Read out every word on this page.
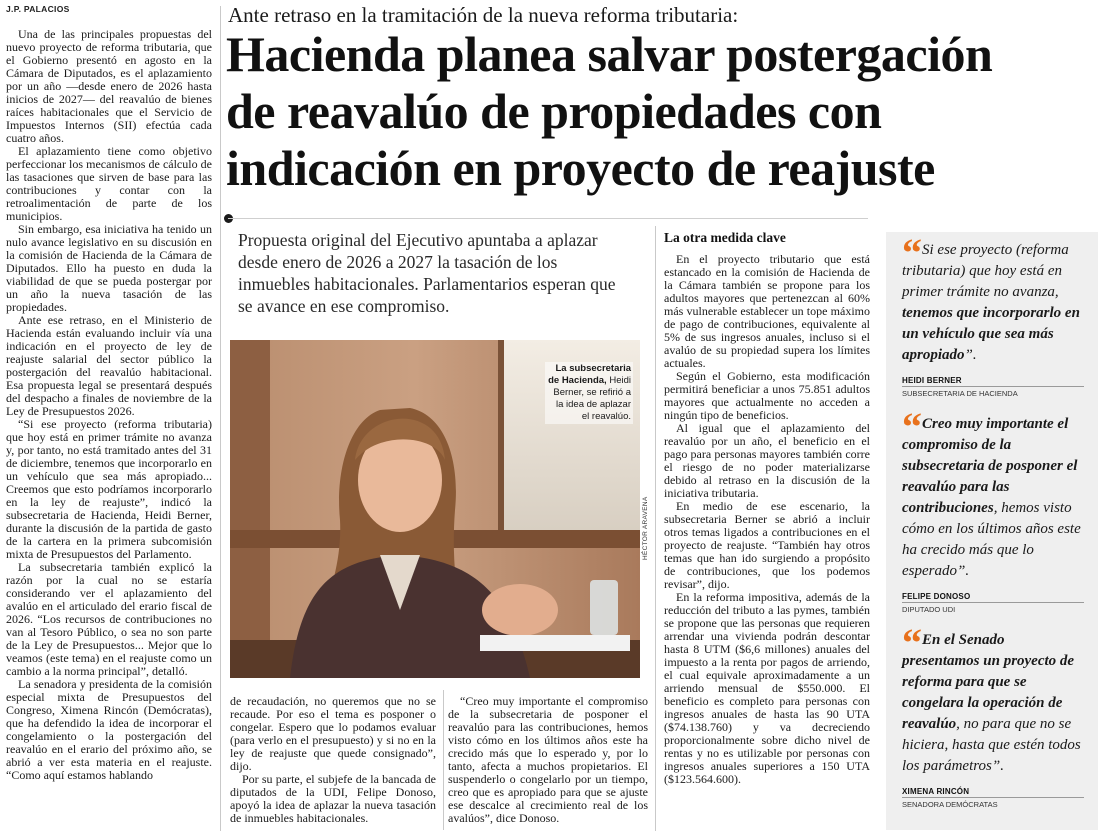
J.P. PALACIOS	Ante retraso en la tramitación de la nueva reforma tributaria:
Hacienda planea salvar postergación
de reavalúo de propiedades con
indicación en proyecto de reajuste
Propuesta original del Ejecutivo apuntaba a aplazar desde enero de 2026 a 2027 la tasación de los inmuebles habitacionales. Parlamentarios esperan que se avance en ese compromiso.

Una de las principales propuestas del nuevo proyecto de reforma tributaria, que el Gobierno presentó en agosto en la Cámara de Diputados, es el aplazamiento por un año —desde enero de 2026 hasta inicios de 2027— del reavalúo de bienes raíces habitacionales que el Servicio de Impuestos Internos (SII) efectúa cada cuatro años.

El aplazamiento tiene como objetivo perfeccionar los mecanismos de cálculo de las tasaciones que sirven de base para las contribuciones y contar con la retroalimentación de parte de los municipios.

Sin embargo, esa iniciativa ha tenido un nulo avance legislativo en su discusión en la comisión de Hacienda de la Cámara de Diputados. Ello ha puesto en duda la viabilidad de que se pueda postergar por un año la nueva tasación de las propiedades.

Ante ese retraso, en el Ministerio de Hacienda están evaluando incluir vía una indicación en el proyecto de ley de reajuste salarial del sector público la postergación del reavalúo habitacional. Esa propuesta legal se presentará después del despacho a finales de noviembre de la Ley de Presupuestos 2026.

“Si ese proyecto (reforma tributaria) que hoy está en primer trámite no avanza y, por tanto, no está tramitado antes del 31 de diciembre, tenemos que incorporarlo en un vehículo que sea más apropiado... Creemos que esto podríamos incorporarlo en la ley de reajuste”, indicó la subsecretaria de Hacienda, Heidi Berner, durante la discusión de la partida de gasto de la cartera en la primera subcomisión mixta de Presupuestos del Parlamento.

La subsecretaria también explicó la razón por la cual no se estaría considerando ver el aplazamiento del avalúo en el articulado del erario fiscal de 2026. “Los recursos de contribuciones no van al Tesoro Público, o sea no son parte de la Ley de Presupuestos... Mejor que lo veamos (este tema) en el reajuste como un cambio a la norma principal”, detalló.

La senadora y presidenta de la comisión especial mixta de Presupuestos del Congreso, Ximena Rincón (Demócratas), que ha defendido la idea de incorporar el congelamiento o la postergación del reavalúo en el erario del próximo año, se abrió a ver esta materia en el reajuste. “Como aquí estamos hablando

La subsecretaria de Hacienda, Heidi Berner, se refirió a la idea de aplazar el reavalúo.
HÉCTOR ARAVENA

de recaudación, no queremos que no se recaude. Por eso el tema es posponer o congelar. Espero que lo podamos evaluar (para verlo en el presupuesto) y si no en la ley de reajuste que quede consignado”, dijo.

Por su parte, el subjefe de la bancada de diputados de la UDI, Felipe Donoso, apoyó la idea de aplazar la nueva tasación de inmuebles habitacionales.

“Creo muy importante el compromiso de la subsecretaria de posponer el reavalúo para las contribuciones, hemos visto cómo en los últimos años este ha crecido más que lo esperado y, por lo tanto, afecta a muchos propietarios. El suspenderlo o congelarlo por un tiempo, creo que es apropiado para que se ajuste ese descalce al crecimiento real de los avalúos”, dice Donoso.

La otra medida clave

En el proyecto tributario que está estancado en la comisión de Hacienda de la Cámara también se propone para los adultos mayores que pertenezcan al 60% más vulnerable establecer un tope máximo de pago de contribuciones, equivalente al 5% de sus ingresos anuales, incluso si el avalúo de su propiedad supera los límites actuales.

Según el Gobierno, esta modificación permitirá beneficiar a unos 75.851 adultos mayores que actualmente no acceden a ningún tipo de beneficios.

Al igual que el aplazamiento del reavalúo por un año, el beneficio en el pago para personas mayores también corre el riesgo de no poder materializarse debido al retraso en la discusión de la iniciativa tributaria.

En medio de ese escenario, la subsecretaria Berner se abrió a incluir otros temas ligados a contribuciones en el proyecto de reajuste. “También hay otros temas que han ido surgiendo a propósito de contribuciones, que los podemos revisar”, dijo.

En la reforma impositiva, además de la reducción del tributo a las pymes, también se propone que las personas que requieren arrendar una vivienda podrán descontar hasta 8 UTM ($6,6 millones) anuales del impuesto a la renta por pagos de arriendo, el cual equivale aproximadamente a un arriendo mensual de $550.000. El beneficio es completo para personas con ingresos anuales de hasta las 90 UTA ($74.138.760) y va decreciendo proporcionalmente sobre dicho nivel de rentas y no es utilizable por personas con ingresos anuales superiores a 150 UTA ($123.564.600).

“ Si ese proyecto (reforma tributaria) que hoy está en primer trámite no avanza, tenemos que incorporarlo en un vehículo que sea más apropiado”.
HEIDI BERNER
SUBSECRETARIA DE HACIENDA
“ Creo muy importante el compromiso de la subsecretaria de posponer el reavalúo para las contribuciones, hemos visto cómo en los últimos años este ha crecido más que lo esperado”.
FELIPE DONOSO
DIPUTADO UDI
“ En el Senado presentamos un proyecto de reforma para que se congelara la operación de reavalúo, no para que no se hiciera, hasta que estén todos los parámetros”.
XIMENA RINCÓN
SENADORA DEMÓCRATAS
